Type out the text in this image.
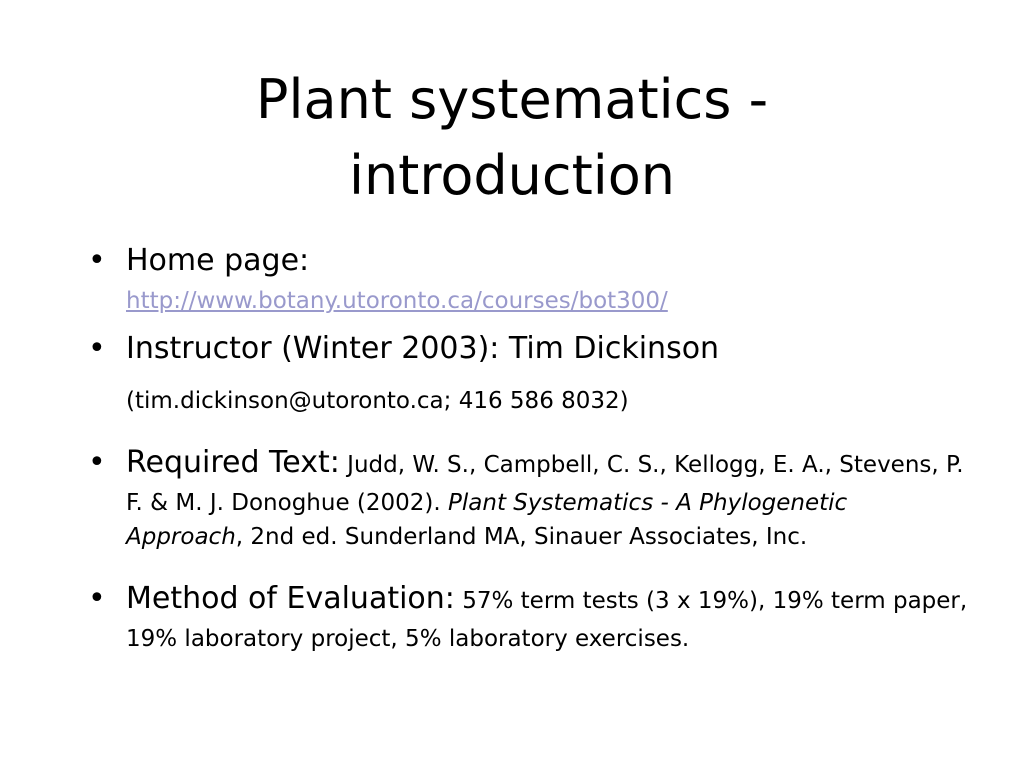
Plant systematics -
introduction
• Home page:
http://www.botany.utoronto.ca/courses/bot300/
• Instructor (Winter 2003): Tim Dickinson
(tim.dickinson@utoronto.ca; 416 586 8032)
• Required Text: Judd, W. S., Campbell, C. S., Kellogg, E. A., Stevens, P. F. & M. J. Donoghue (2002). Plant Systematics - A Phylogenetic Approach, 2nd ed. Sunderland MA, Sinauer Associates, Inc.
• Method of Evaluation: 57% term tests (3 x 19%), 19% term paper, 19% laboratory project, 5% laboratory exercises.
